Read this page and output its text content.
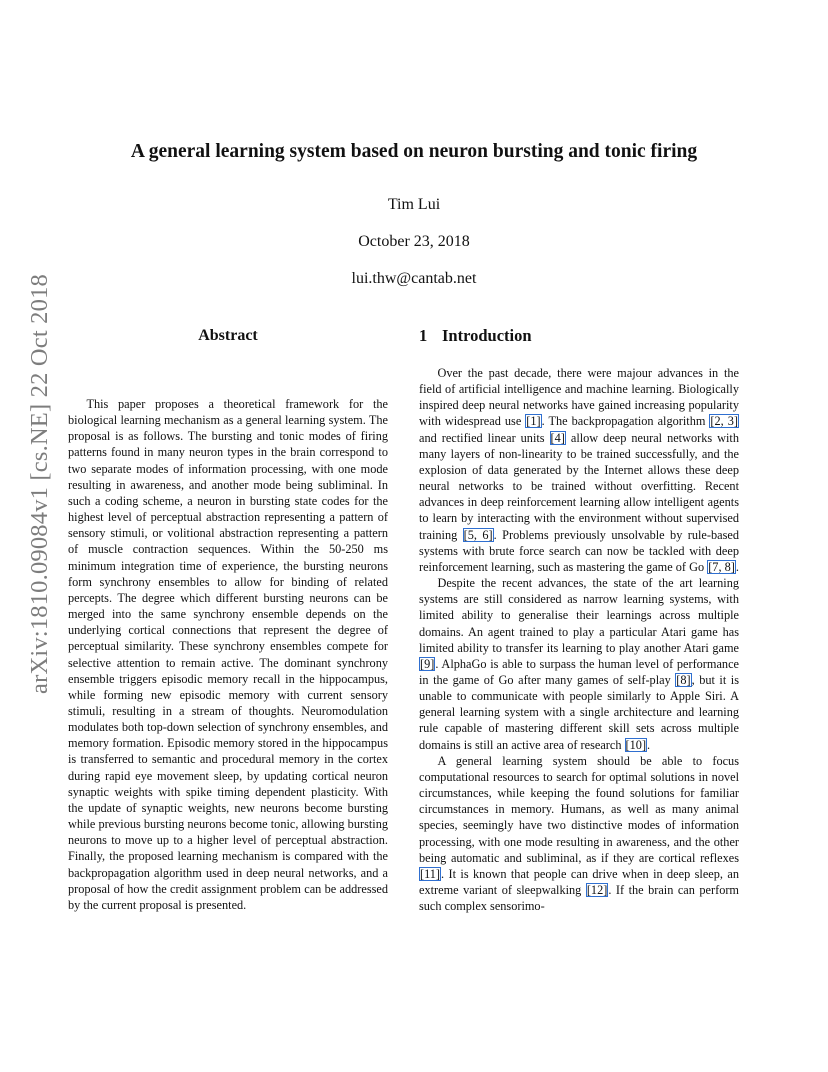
arXiv:1810.09084v1 [cs.NE] 22 Oct 2018
A general learning system based on neuron bursting and tonic firing
Tim Lui
October 23, 2018
lui.thw@cantab.net
Abstract

This paper proposes a theoretical framework for the biological learning mechanism as a general learning system. The proposal is as follows. The bursting and tonic modes of firing patterns found in many neuron types in the brain correspond to two separate modes of information processing, with one mode resulting in awareness, and another mode being subliminal. In such a coding scheme, a neuron in bursting state codes for the highest level of perceptual abstraction representing a pattern of sensory stimuli, or volitional abstraction representing a pattern of muscle contraction sequences. Within the 50-250 ms minimum integration time of experience, the bursting neurons form synchrony ensembles to allow for binding of related percepts. The degree which different bursting neurons can be merged into the same synchrony ensemble depends on the underlying cortical connections that represent the degree of perceptual similarity. These synchrony ensembles compete for selective attention to remain active. The dominant synchrony ensemble triggers episodic memory recall in the hippocampus, while forming new episodic memory with current sensory stimuli, resulting in a stream of thoughts. Neuromodulation modulates both top-down selection of synchrony ensembles, and memory formation. Episodic memory stored in the hippocampus is transferred to semantic and procedural memory in the cortex during rapid eye movement sleep, by updating cortical neuron synaptic weights with spike timing dependent plasticity. With the update of synaptic weights, new neurons become bursting while previous bursting neurons become tonic, allowing bursting neurons to move up to a higher level of perceptual abstraction. Finally, the proposed learning mechanism is compared with the backpropagation algorithm used in deep neural networks, and a proposal of how the credit assignment problem can be addressed by the current proposal is presented.

1 Introduction

Over the past decade, there were majour advances in the field of artificial intelligence and machine learning. Biologically inspired deep neural networks have gained increasing popularity with widespread use [1]. The backpropagation algorithm [2, 3] and rectified linear units [4] allow deep neural networks with many layers of non-linearity to be trained successfully, and the explosion of data generated by the Internet allows these deep neural networks to be trained without overfitting. Recent advances in deep reinforcement learning allow intelligent agents to learn by interacting with the environment without supervised training [5, 6]. Problems previously unsolvable by rule-based systems with brute force search can now be tackled with deep reinforcement learning, such as mastering the game of Go [7, 8].

Despite the recent advances, the state of the art learning systems are still considered as narrow learning systems, with limited ability to generalise their learnings across multiple domains. An agent trained to play a particular Atari game has limited ability to transfer its learning to play another Atari game [9]. AlphaGo is able to surpass the human level of performance in the game of Go after many games of self-play [8], but it is unable to communicate with people similarly to Apple Siri. A general learning system with a single architecture and learning rule capable of mastering different skill sets across multiple domains is still an active area of research [10].

A general learning system should be able to focus computational resources to search for optimal solutions in novel circumstances, while keeping the found solutions for familiar circumstances in memory. Humans, as well as many animal species, seemingly have two distinctive modes of information processing, with one mode resulting in awareness, and the other being automatic and subliminal, as if they are cortical reflexes [11]. It is known that people can drive when in deep sleep, an extreme variant of sleepwalking [12]. If the brain can perform such complex sensorimo-
